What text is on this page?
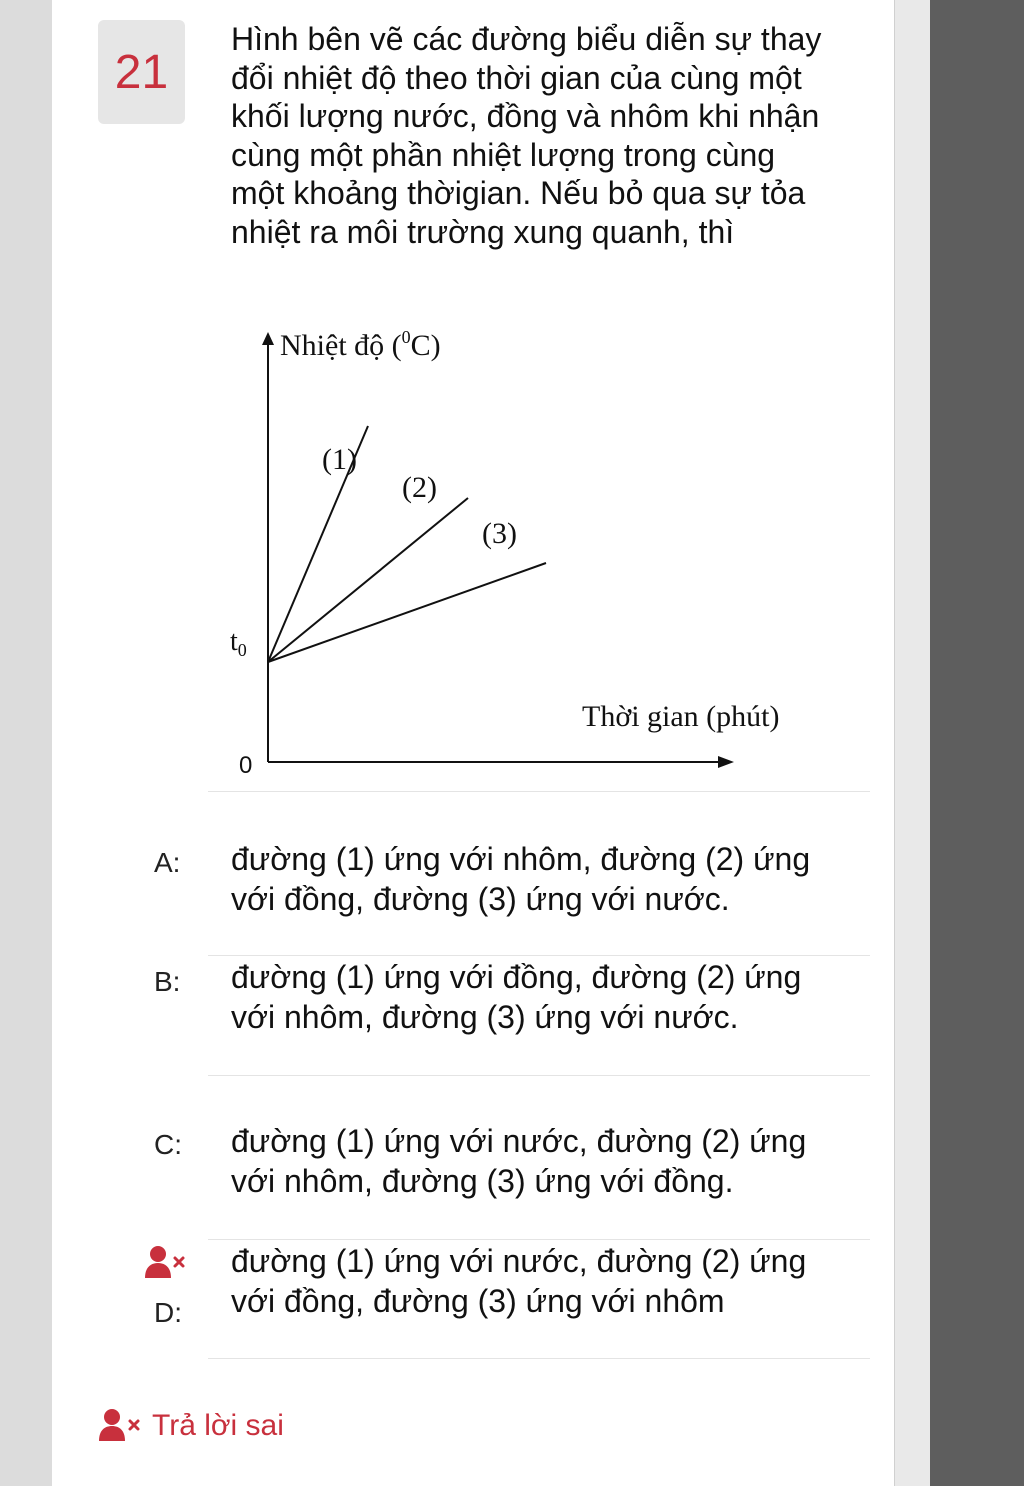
21
Hình bên vẽ các đường biểu diễn sự thay đổi nhiệt độ theo thời gian của cùng một khối lượng nước, đồng và nhôm khi nhận cùng một phần nhiệt lượng trong cùng một khoảng thờigian. Nếu bỏ qua sự tỏa nhiệt ra môi trường xung quanh, thì
Nhiệt độ ($^0$C)
Thời gian (phút)
0
$t_0$
(1)
(2)
(3)
A: đường (1) ứng với nhôm, đường (2) ứng với đồng, đường (3) ứng với nước.
B: đường (1) ứng với đồng, đường (2) ứng với nhôm, đường (3) ứng với nước.
C: đường (1) ứng với nước, đường (2) ứng với nhôm, đường (3) ứng với đồng.
D:
đường (1) ứng với nước, đường (2) ứng với đồng, đường (3) ứng với nhôm
Trả lời sai
